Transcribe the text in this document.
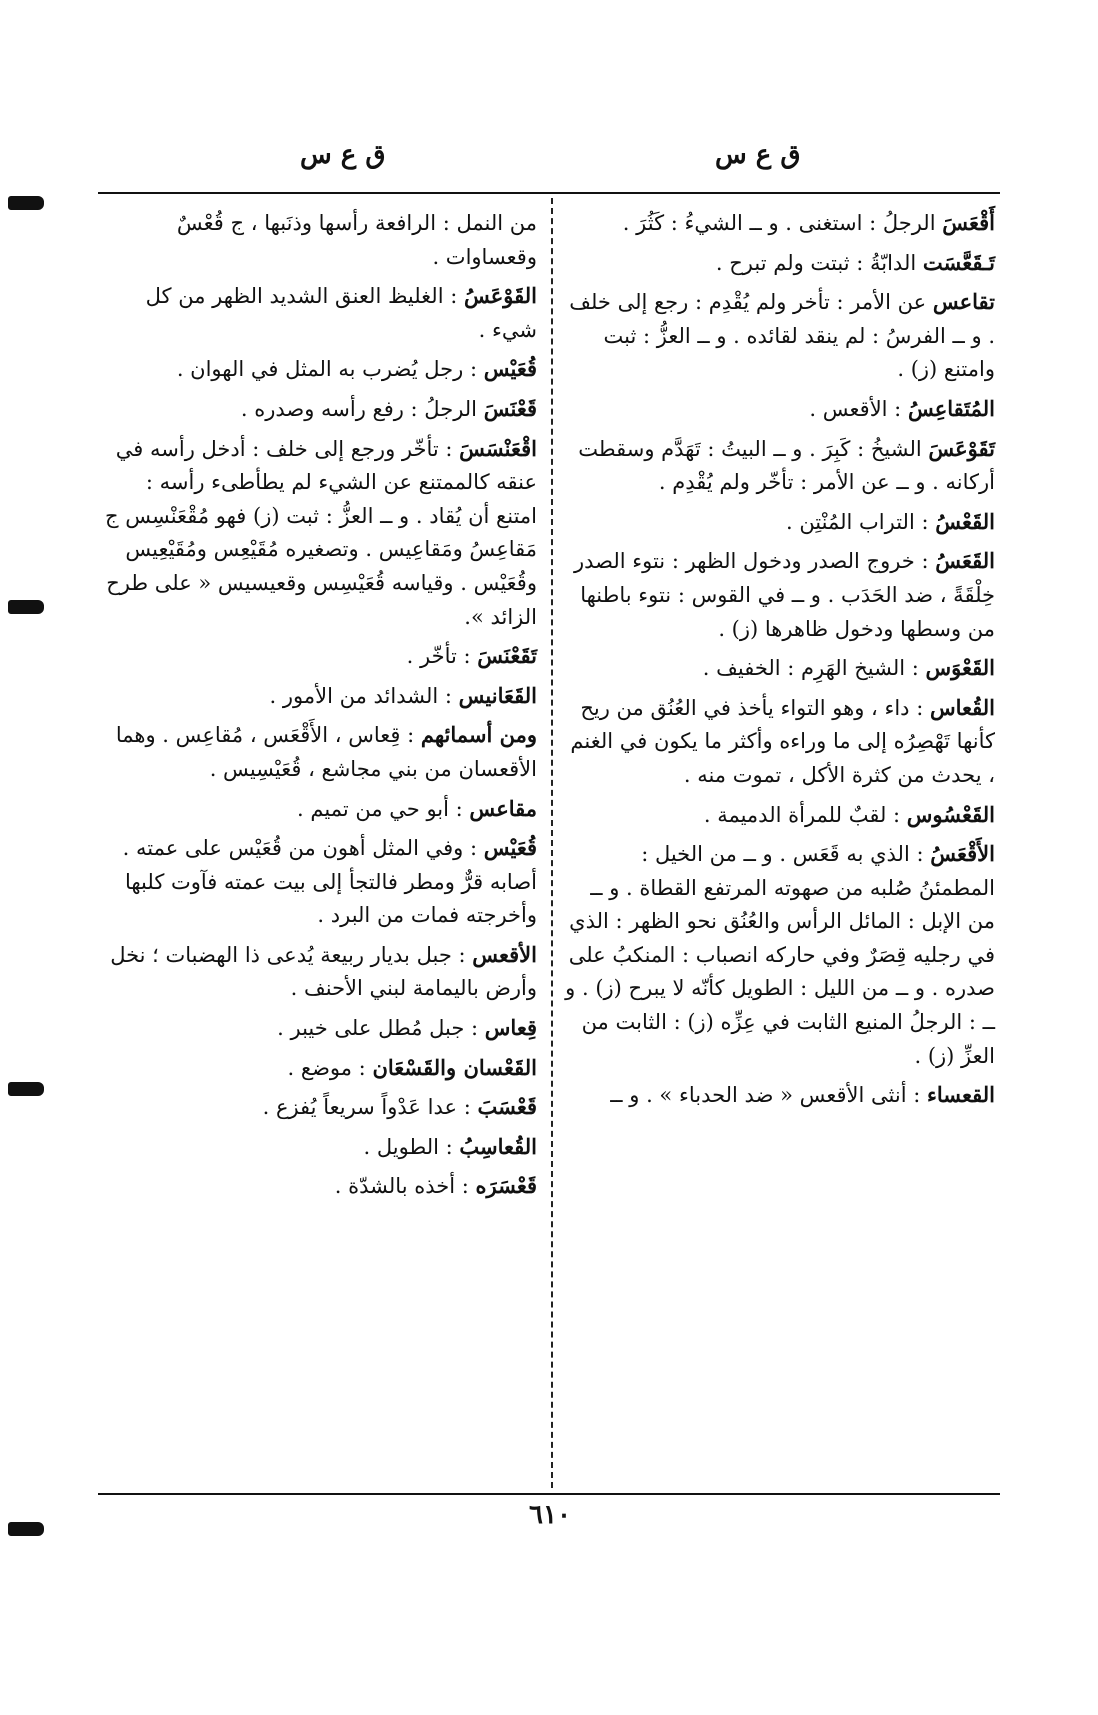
ق ع س
ق ع س

أَقْعَسَ الرجلُ : استغنى . و ــ الشيءُ : كَثُرَ .

تَـقَعَّسَت الدابّةُ : ثبتت ولم تبرح .

تقاعس عن الأمر : تأخر ولم يُقْدِم : رجع إلى خلف . و ــ الفرسُ : لم ينقد لقائده . و ــ العزُّ : ثبت وامتنع (ز) .

المُتَقاعِسُ : الأقعس .

تَقَوْعَسَ الشيخُ : كَبِرَ . و ــ البيتُ : تَهَدَّم وسقطت أركانه . و ــ عن الأمر : تأخّر ولم يُقْدِم .

القَعْسُ : التراب المُنْتِن .

القَعَسُ : خروج الصدر ودخول الظهر : نتوء الصدر خِلْقَةً ، ضد الحَدَب . و ــ في القوس : نتوء باطنها من وسطها ودخول ظاهرها (ز) .

القَعْوَس : الشيخ الهَرِم : الخفيف .

القُعاس : داء ، وهو التواء يأخذ في العُنُق من ريح كأنها تَهْصِرُه إلى ما وراءه وأكثر ما يكون في الغنم ، يحدث من كثرة الأكل ، تموت منه .

القَعْسُوس : لقبٌ للمرأة الدميمة .

الأَقْعَسُ : الذي به قَعَس . و ــ من الخيل : المطمئنُ صُلبه من صهوته المرتفع القطاة . و ــ من الإبل : المائل الرأس والعُنُق نحو الظهر : الذي في رجليه قِصَرٌ وفي حاركه انصباب : المنكبُ على صدره . و ــ من الليل : الطويل كأنّه لا يبرح (ز) . و ــ : الرجلُ المنيع الثابت في عِزِّه (ز) : الثابت من العزِّ (ز) .

القعساء : أنثى الأقعس « ضد الحدباء » . و ــ

من النمل : الرافعة رأسها وذنَبها ، ج قُعْسٌ وقعساوات .

القَوْعَسُ : الغليظ العنق الشديد الظهر من كل شيء .

قُعَيْس : رجل يُضرب به المثل في الهوان .

قَعْنَسَ الرجلُ : رفع رأسه وصدره .

اقْعَنْسَسَ : تأخّر ورجع إلى خلف : أدخل رأسه في عنقه كالممتنع عن الشيء لم يطأطىء رأسه : امتنع أن يُقاد . و ــ العزُّ : ثبت (ز) فهو مُقْعَنْسِس ج مَقاعِسُ ومَقاعِيس . وتصغيره مُقَيْعِس ومُقَيْعِيس وقُعَيْس . وقياسه قُعَيْسِس وقعيسيس « على طرح الزائد ».

تَقَعْنَسَ : تأخّر .

القَعَانيس : الشدائد من الأمور .

ومن أسمائهم : قِعاس ، الأَقْعَس ، مُقاعِس . وهما الأقعسان من بني مجاشع ، قُعَيْسِيس .

مقاعس : أبو حي من تميم .

قُعَيْس : وفي المثل أهون من قُعَيْس على عمته . أصابه قرٌّ ومطر فالتجأ إلى بيت عمته فآوت كلبها وأخرجته فمات من البرد .

الأقعس : جبل بديار ربيعة يُدعى ذا الهضبات ؛ نخل وأرض باليمامة لبني الأحنف .

قِعاس : جبل مُطل على خيبر .

القَعْسان والقَسْعَان : موضع .

قَعْسَبَ : عدا عَدْواً سريعاً يُفزع .

القُعاسِبُ : الطويل .

قَعْسَرَه : أخذه بالشدّة .

٦١٠
